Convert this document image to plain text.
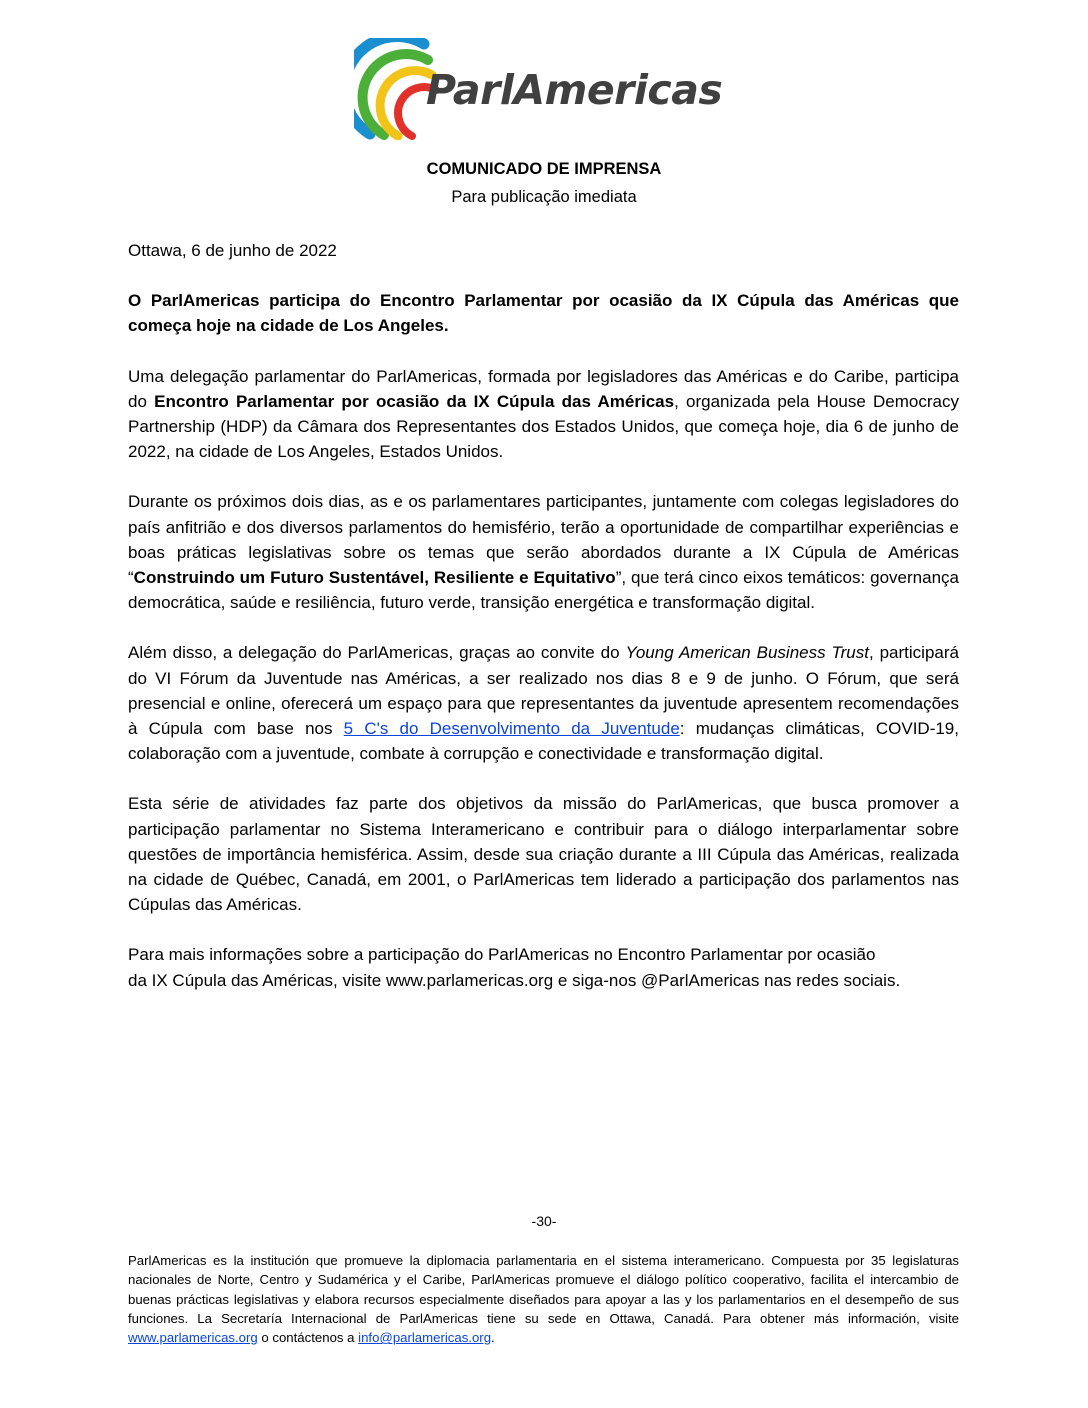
ParlAmericas
COMUNICADO DE IMPRENSA
Para publicação imediata

Ottawa, 6 de junho de 2022

O ParlAmericas participa do Encontro Parlamentar por ocasião da IX Cúpula das Américas que começa hoje na cidade de Los Angeles.

Uma delegação parlamentar do ParlAmericas, formada por legisladores das Américas e do Caribe, participa do Encontro Parlamentar por ocasião da IX Cúpula das Américas, organizada pela House Democracy Partnership (HDP) da Câmara dos Representantes dos Estados Unidos, que começa hoje, dia 6 de junho de 2022, na cidade de Los Angeles, Estados Unidos.

Durante os próximos dois dias, as e os parlamentares participantes, juntamente com colegas legisladores do país anfitrião e dos diversos parlamentos do hemisfério, terão a oportunidade de compartilhar experiências e boas práticas legislativas sobre os temas que serão abordados durante a IX Cúpula de Américas “Construindo um Futuro Sustentável, Resiliente e Equitativo”, que terá cinco eixos temáticos: governança democrática, saúde e resiliência, futuro verde, transição energética e transformação digital.

Além disso, a delegação do ParlAmericas, graças ao convite do Young American Business Trust, participará do VI Fórum da Juventude nas Américas, a ser realizado nos dias 8 e 9 de junho. O Fórum, que será presencial e online, oferecerá um espaço para que representantes da juventude apresentem recomendações à Cúpula com base nos 5 C's do Desenvolvimento da Juventude: mudanças climáticas, COVID-19, colaboração com a juventude, combate à corrupção e conectividade e transformação digital.

Esta série de atividades faz parte dos objetivos da missão do ParlAmericas, que busca promover a participação parlamentar no Sistema Interamericano e contribuir para o diálogo interparlamentar sobre questões de importância hemisférica. Assim, desde sua criação durante a III Cúpula das Américas, realizada na cidade de Québec, Canadá, em 2001, o ParlAmericas tem liderado a participação dos parlamentos nas Cúpulas das Américas.

Para mais informações sobre a participação do ParlAmericas no Encontro Parlamentar por ocasião
da IX Cúpula das Américas, visite www.parlamericas.org e siga-nos @ParlAmericas nas redes sociais.

-30-
ParlAmericas es la institución que promueve la diplomacia parlamentaria en el sistema interamericano. Compuesta por 35 legislaturas nacionales de Norte, Centro y Sudamérica y el Caribe, ParlAmericas promueve el diálogo político cooperativo, facilita el intercambio de buenas prácticas legislativas y elabora recursos especialmente diseñados para apoyar a las y los parlamentarios en el desempeño de sus funciones. La Secretaría Internacional de ParlAmericas tiene su sede en Ottawa, Canadá. Para obtener más información, visite www.parlamericas.org o contáctenos a info@parlamericas.org.
